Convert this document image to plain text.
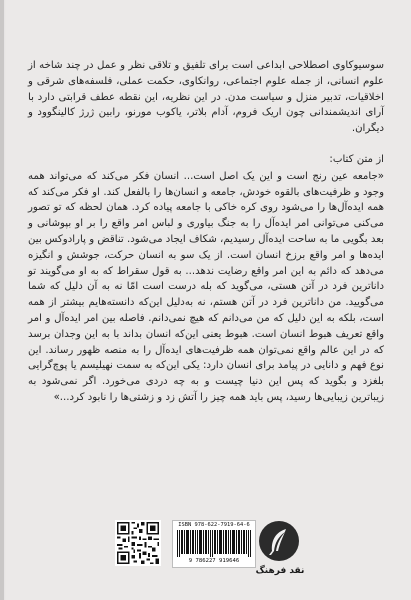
سوسیوکاوی اصطلاحی ابداعی است برای تلفیق و تلاقی نظر و عمل در چند شاخه از علوم انسانی، از جمله علوم اجتماعی، روانکاوی، حکمت عملی، فلسفه‌های شرقی و اخلاقیات، تدبیر منزل و سیاست مدن. در این نظریه، این نقطه عطف قرابتی دارد با آرای اندیشمندانی چون اریک فروم، آدام بلاتر، یاکوب مورنو، رابین ژرژ کالینگوود و دیگران.

از متن کتاب:

«جامعه عین رنج است و این یک اصل است... انسان فکر می‌کند که می‌تواند همه وجود و ظرفیت‌های بالقوه خودش، جامعه و انسان‌ها را بالفعل کند. او فکر می‌کند که همه ایده‌آل‌ها را می‌شود روی کره خاکی با جامعه پیاده کرد. همان لحظه که تو تصور می‌کنی می‌توانی امر ایده‌آل را به جنگ بیاوری و لباس امر واقع را بر او بپوشانی و بعد بگویی ما به ساحت ایده‌آل رسیدیم، شکاف ایجاد می‌شود. تناقض و پارادوکس بین ایده‌ها و امر واقع برزخ انسان است. از یک سو به انسان حرکت، جوشش و انگیزه می‌دهد که دائم به این امر واقع رضایت ندهد... به قول سقراط که به او می‌گویند تو داناترین فرد در آتن هستی، می‌گوید که بله درست است امّا نه به آن دلیل که شما می‌گویید. من داناترین فرد در آتن هستم، نه به‌دلیل این‌که دانسته‌هایم بیشتر از همه است، بلکه به این دلیل که من می‌دانم که هیچ نمی‌دانم. فاصله بین امر ایده‌آل و امر واقع تعریف هبوط انسان است. هبوط یعنی این‌که انسان بداند با به این وجدان برسد که در این عالم واقع نمی‌توان همه ظرفیت‌های ایده‌آل را به منصه ظهور رساند. این نوع فهم و دانایی در پیامد برای انسان دارد: یکی این‌که به سمت نهیلیسم یا پوچ‌گرایی بلغزد و بگوید که پس این دنیا چیست و به چه دردی می‌خورد. اگر نمی‌شود به زیباترین زیبایی‌ها رسید، پس باید همه چیز را آتش زد و زشتی‌ها را نابود کرد...»

ISBN 978-622-7919-64-6
9 786227 919646
نقد فرهنگ
